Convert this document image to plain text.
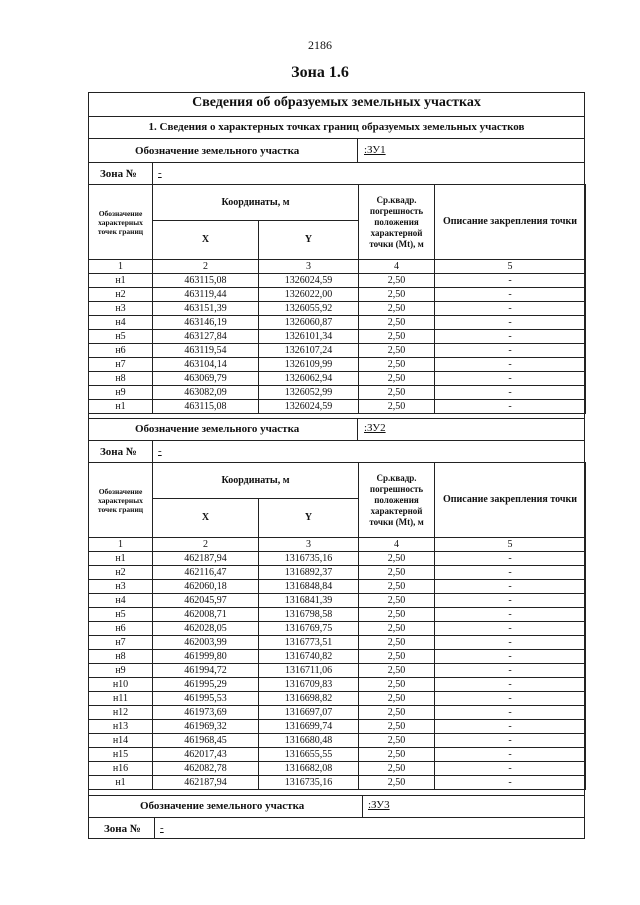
2186
Зона 1.6
Сведения об образуемых земельных участках
1. Сведения о характерных точках границ образуемых земельных участков
Обозначение земельного участка	:ЗУ1
Зона № -
Обозначение характерных точек границ	Координаты, м		Ср.квадр. погрешность положения характерной точки (Mt), м	Описание закрепления точки
	X	Y		
1	2	3	4	5
н1	463115,08	1326024,59	2,50	-
н2	463119,44	1326022,00	2,50	-
н3	463151,39	1326055,92	2,50	-
н4	463146,19	1326060,87	2,50	-
н5	463127,84	1326101,34	2,50	-
н6	463119,54	1326107,24	2,50	-
н7	463104,14	1326109,99	2,50	-
н8	463069,79	1326062,94	2,50	-
н9	463082,09	1326052,99	2,50	-
н1	463115,08	1326024,59	2,50	-
Обозначение земельного участка	:ЗУ2
Зона № -
Обозначение характерных точек границ	Координаты, м		Ср.квадр. погрешность положения характерной точки (Mt), м	Описание закрепления точки
	X	Y		
1	2	3	4	5
н1	462187,94	1316735,16	2,50	-
н2	462116,47	1316892,37	2,50	-
н3	462060,18	1316848,84	2,50	-
н4	462045,97	1316841,39	2,50	-
н5	462008,71	1316798,58	2,50	-
н6	462028,05	1316769,75	2,50	-
н7	462003,99	1316773,51	2,50	-
н8	461999,80	1316740,82	2,50	-
н9	461994,72	1316711,06	2,50	-
н10	461995,29	1316709,83	2,50	-
н11	461995,53	1316698,82	2,50	-
н12	461973,69	1316697,07	2,50	-
н13	461969,32	1316699,74	2,50	-
н14	461968,45	1316680,48	2,50	-
н15	462017,43	1316655,55	2,50	-
н16	462082,78	1316682,08	2,50	-
н1	462187,94	1316735,16	2,50	-
Обозначение земельного участка	:ЗУ3
Зона № -
